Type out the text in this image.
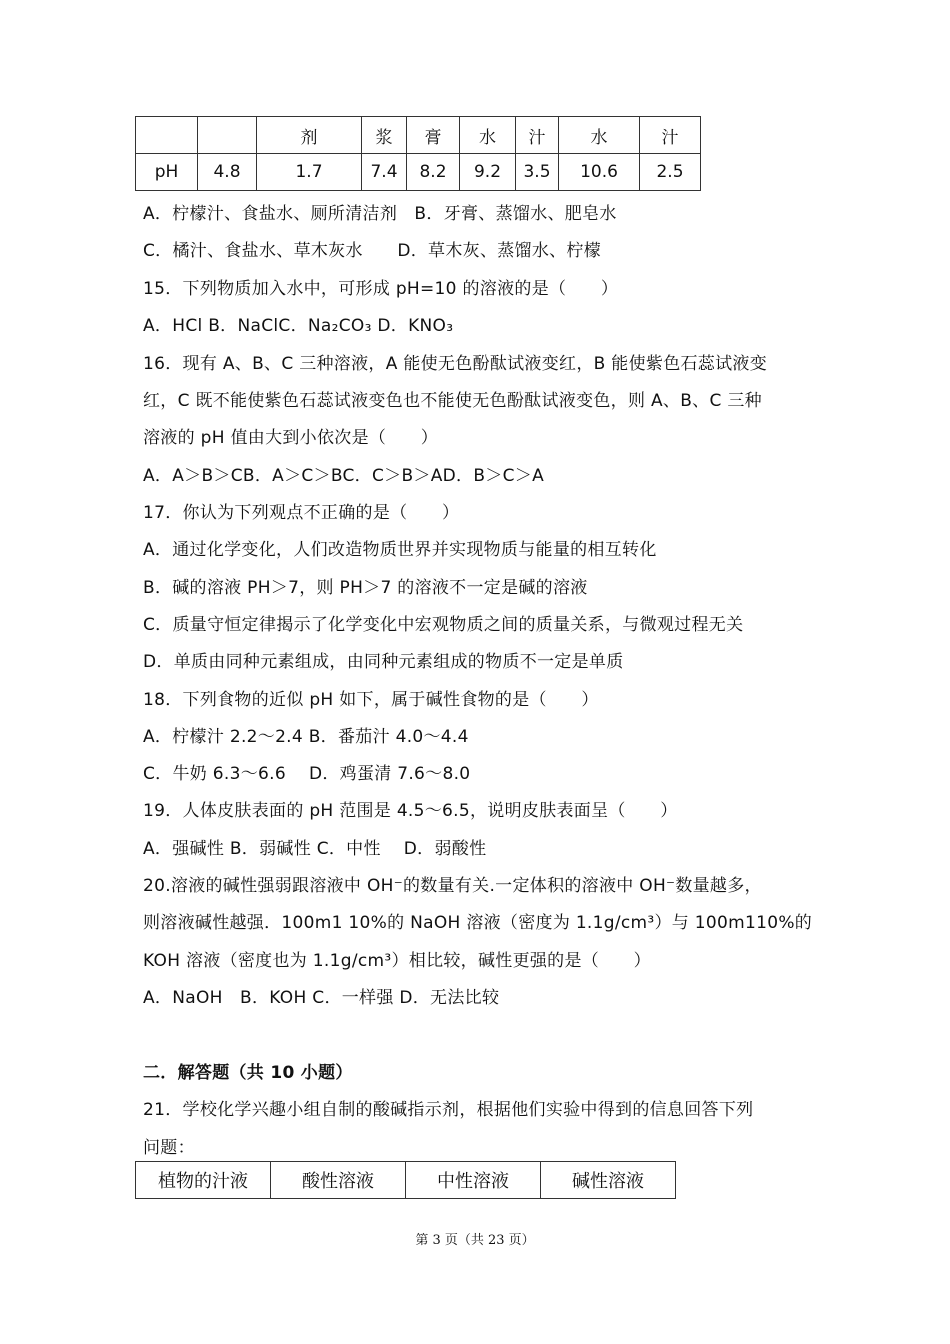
		剂	浆	膏	水	汁	水	汁
pH	4.8	1.7	7.4	8.2	9.2	3.5	10.6	2.5
A．柠檬汁、食盐水、厕所清洁剂　B．牙膏、蒸馏水、肥皂水
C．橘汁、食盐水、草木灰水　　D．草木灰、蒸馏水、柠檬
15．下列物质加入水中，可形成 pH=10 的溶液的是（　　）
A．HCl B．NaClC．Na₂CO₃ D．KNO₃
16．现有 A、B、C 三种溶液，A 能使无色酚酞试液变红，B 能使紫色石蕊试液变
红，C 既不能使紫色石蕊试液变色也不能使无色酚酞试液变色，则 A、B、C 三种
溶液的 pH 值由大到小依次是（　　）
A．A＞B＞CB．A＞C＞BC．C＞B＞AD．B＞C＞A
17．你认为下列观点不正确的是（　　）
A．通过化学变化，人们改造物质世界并实现物质与能量的相互转化
B．碱的溶液 PH＞7，则 PH＞7 的溶液不一定是碱的溶液
C．质量守恒定律揭示了化学变化中宏观物质之间的质量关系，与微观过程无关
D．单质由同种元素组成，由同种元素组成的物质不一定是单质
18．下列食物的近似 pH 如下，属于碱性食物的是（　　）
A．柠檬汁 2.2～2.4 B．番茄汁 4.0～4.4
C．牛奶 6.3～6.6　 D．鸡蛋清 7.6～8.0
19．人体皮肤表面的 pH 范围是 4.5～6.5，说明皮肤表面呈（　　）
A．强碱性 B．弱碱性 C．中性　 D．弱酸性
20.溶液的碱性强弱跟溶液中 OH⁻的数量有关.一定体积的溶液中 OH⁻数量越多，
则溶液碱性越强．100m1 10%的 NaOH 溶液（密度为 1.1g/cm³）与 100m110%的
KOH 溶液（密度也为 1.1g/cm³）相比较，碱性更强的是（　　）
A．NaOH　B．KOH C．一样强 D．无法比较
二．解答题（共 10 小题）
21．学校化学兴趣小组自制的酸碱指示剂，根据他们实验中得到的信息回答下列
问题：
植物的汁液	酸性溶液	中性溶液	碱性溶液
第 3 页（共 23 页）
